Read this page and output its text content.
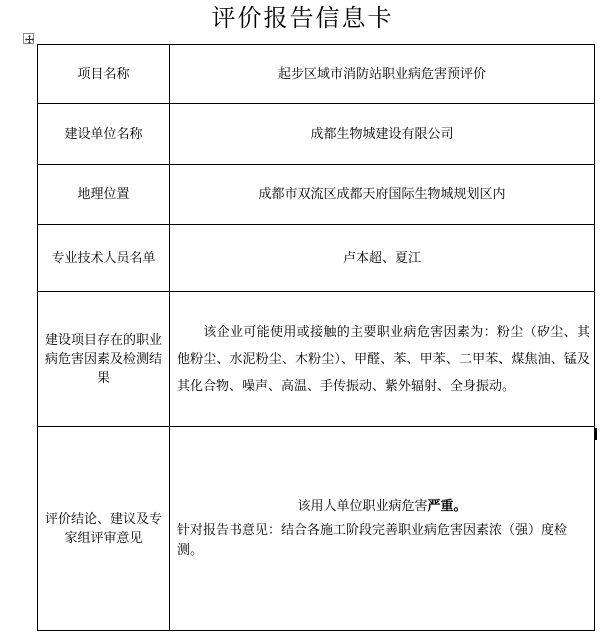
评价报告信息卡
项目名称	起步区域市消防站职业病危害预评价
建设单位名称	成都生物城建设有限公司
地理位置	成都市双流区成都天府国际生物城规划区内
专业技术人员名单	卢本超、夏江

建设项目存在的职业病危害因素及检测结果	该企业可能使用或接触的主要职业病危害因素为：粉尘（矽尘、其他粉尘、水泥粉尘、木粉尘）、甲醛、苯、甲苯、二甲苯、煤焦油、锰及其化合物、噪声、高温、手传振动、紫外辐射、全身振动。

评价结论、建议及专家组评审意见	该用人单位职业病危害严重。
针对报告书意见：结合各施工阶段完善职业病危害因素浓（强）度检测。
